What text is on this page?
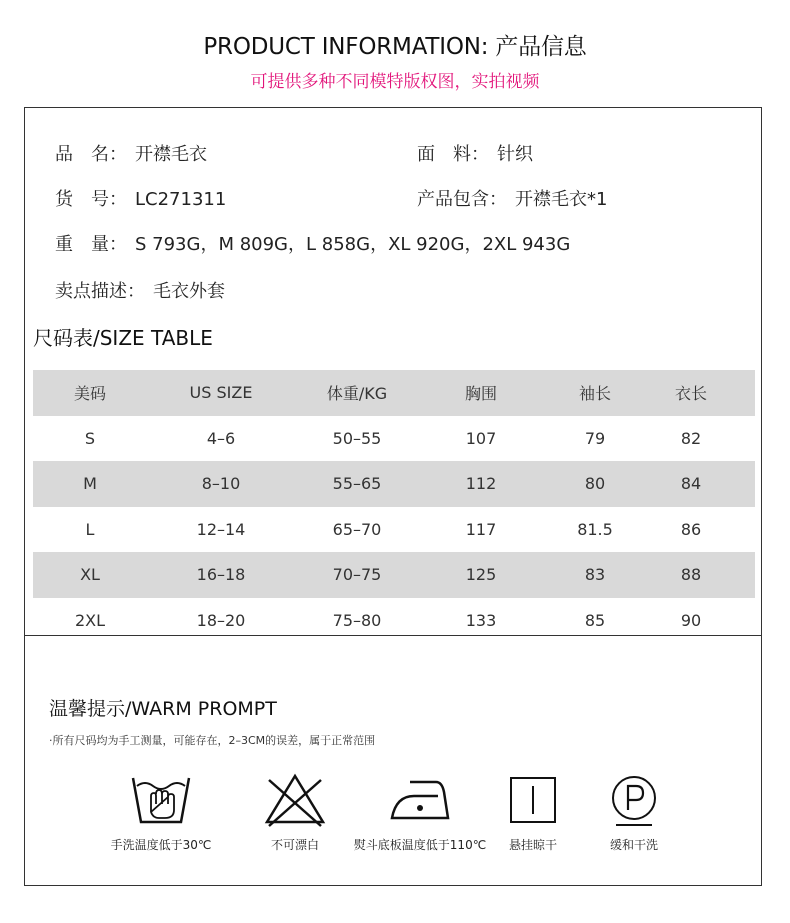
PRODUCT INFORMATION: 产品信息
可提供多种不同模特版权图，实拍视频
品　名： 开襟毛衣	面　料： 针织
货　号： LC271311	产品包含： 开襟毛衣*1
重　量： S 793G，M 809G，L 858G，XL 920G，2XL 943G
卖点描述： 毛衣外套
尺码表/SIZE TABLE
美码	US SIZE	体重/KG	胸围	袖长	衣长
S	4–6	50–55	107	79	82
M	8–10	55–65	112	80	84
L	12–14	65–70	117	81.5	86
XL	16–18	70–75	125	83	88
2XL	18–20	75–80	133	85	90
温馨提示/WARM PROMPT
·所有尺码均为手工测量，可能存在，2–3CM的误差，属于正常范围
手洗温度低于30℃	不可漂白	熨斗底板温度低于110℃	悬挂晾干	缓和干洗
